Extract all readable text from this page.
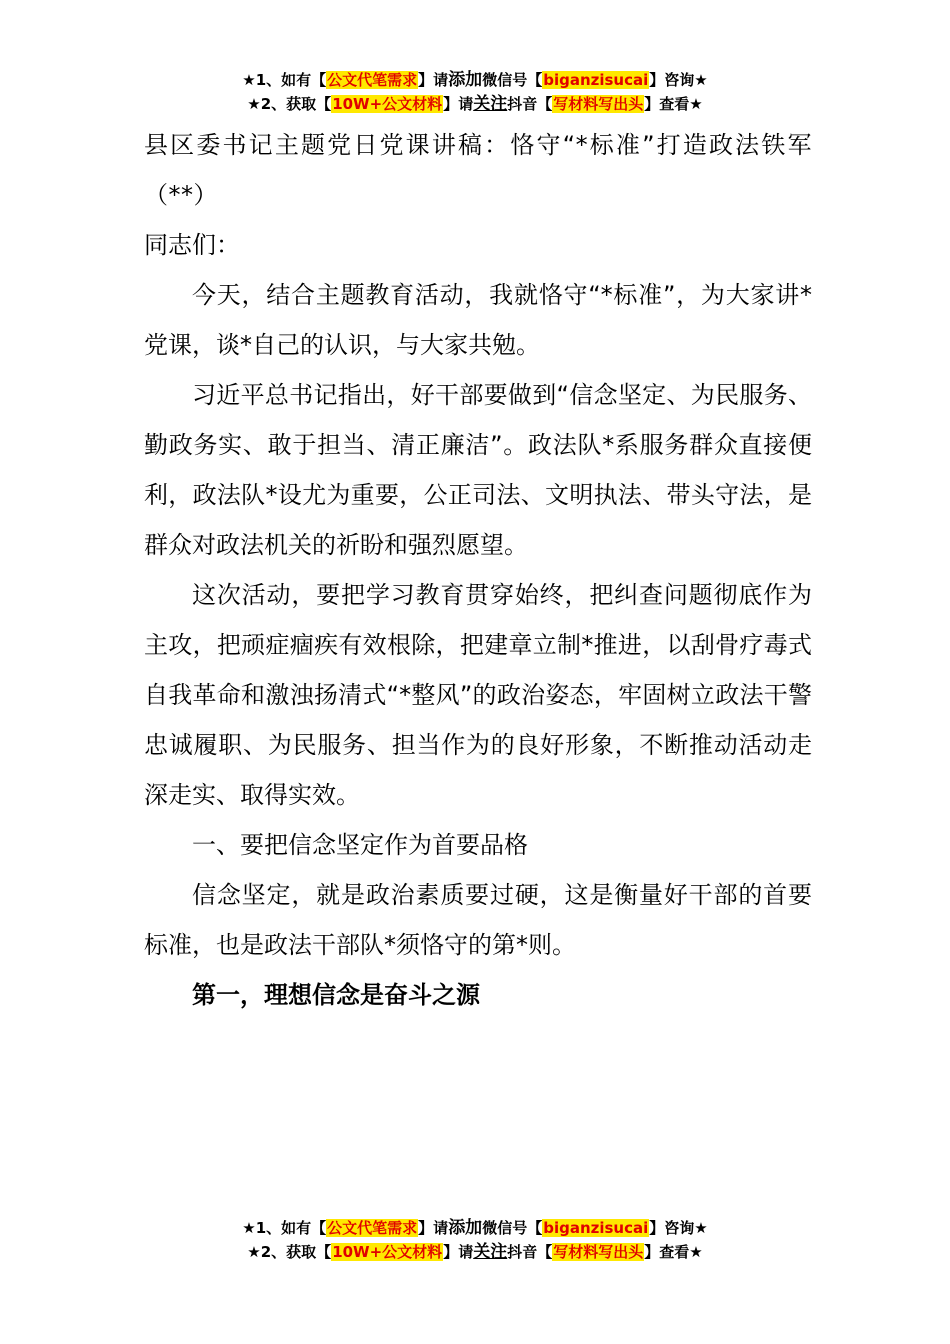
★1、如有【公文代笔需求】请添加微信号【biganzisucai】咨询★
★2、获取【10W+公文材料】请关注抖音【写材料写出头】查看★

县区委书记主题党日党课讲稿：恪守“*标准”打造政法铁军（**）

同志们：

今天，结合主题教育活动，我就恪守“*标准”，为大家讲*党课，谈*自己的认识，与大家共勉。

习近平总书记指出，好干部要做到“信念坚定、为民服务、勤政务实、敢于担当、清正廉洁”。政法队*系服务群众直接便利，政法队*设尤为重要，公正司法、文明执法、带头守法，是群众对政法机关的祈盼和强烈愿望。

这次活动，要把学习教育贯穿始终，把纠查问题彻底作为主攻，把顽症痼疾有效根除，把建章立制*推进，以刮骨疗毒式自我革命和激浊扬清式“*整风”的政治姿态，牢固树立政法干警忠诚履职、为民服务、担当作为的良好形象，不断推动活动走深走实、取得实效。

一、要把信念坚定作为首要品格

信念坚定，就是政治素质要过硬，这是衡量好干部的首要标准，也是政法干部队*须恪守的第*则。

第一，理想信念是奋斗之源

★1、如有【公文代笔需求】请添加微信号【biganzisucai】咨询★
★2、获取【10W+公文材料】请关注抖音【写材料写出头】查看★
